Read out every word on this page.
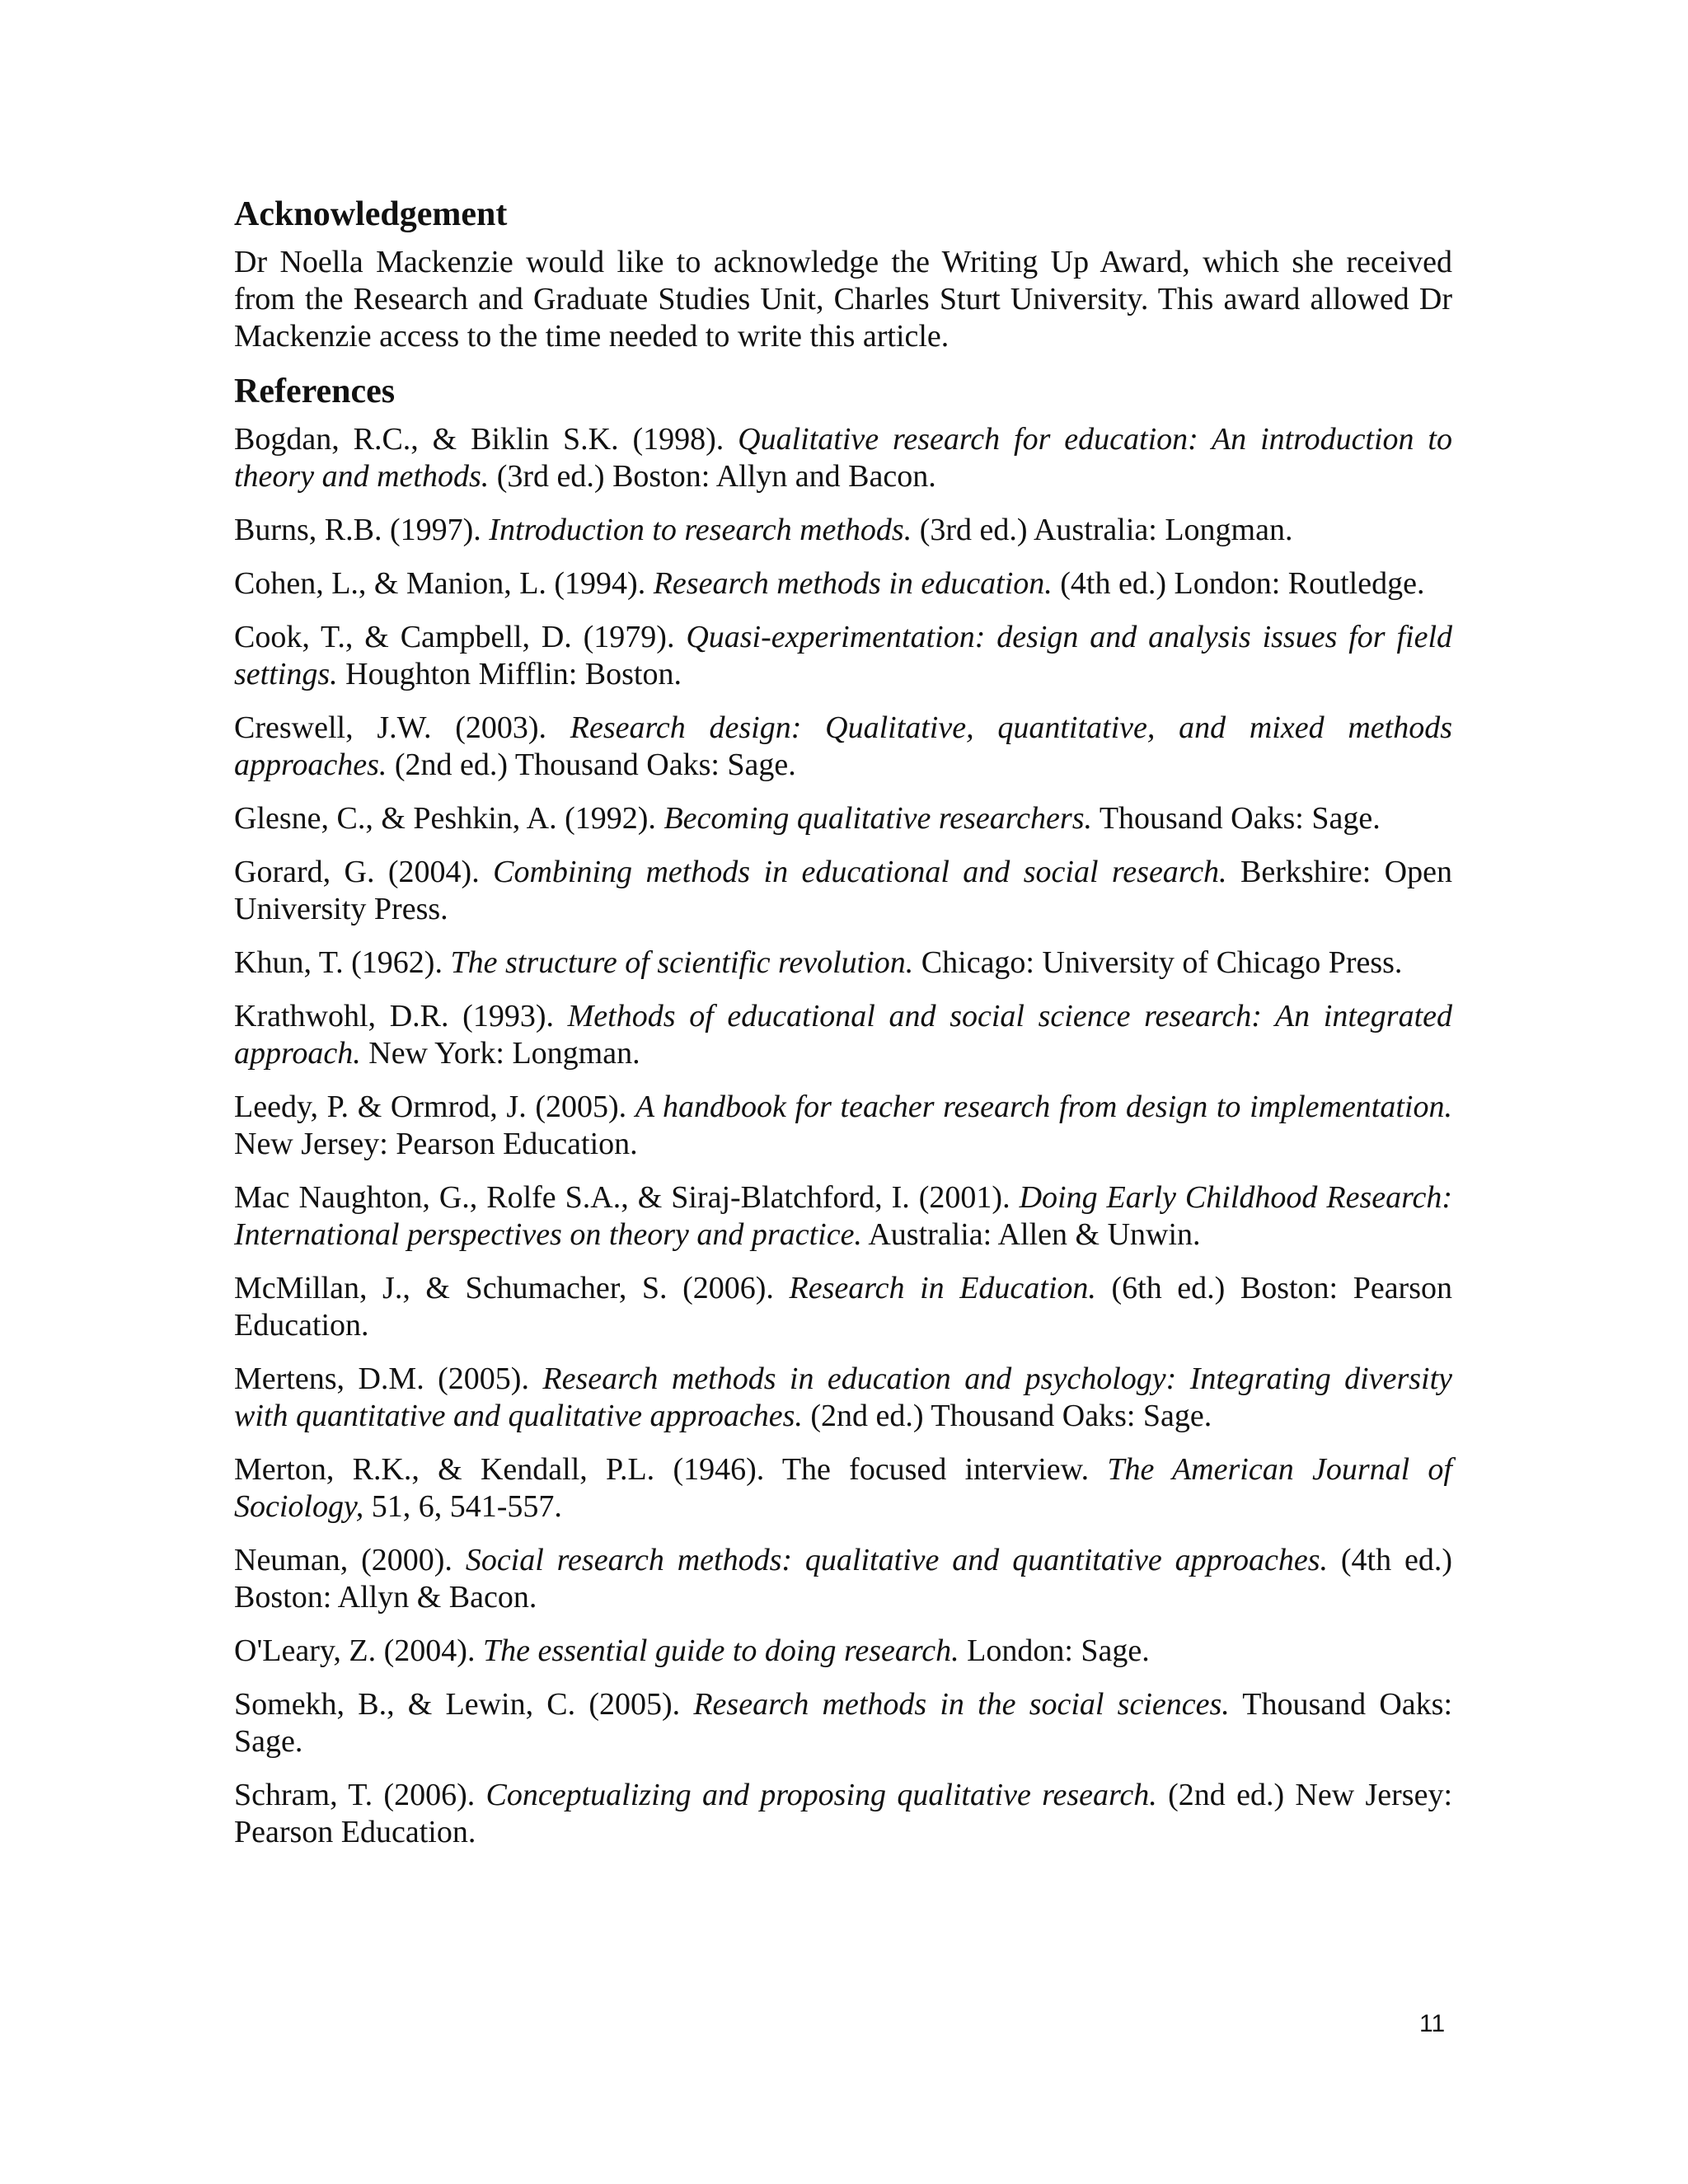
Acknowledgement

Dr Noella Mackenzie would like to acknowledge the Writing Up Award, which she received from the Research and Graduate Studies Unit, Charles Sturt University. This award allowed Dr Mackenzie access to the time needed to write this article.

References

Bogdan, R.C., & Biklin S.K. (1998). Qualitative research for education: An introduction to theory and methods. (3rd ed.) Boston: Allyn and Bacon.

Burns, R.B. (1997). Introduction to research methods. (3rd ed.) Australia: Longman.

Cohen, L., & Manion, L. (1994). Research methods in education. (4th ed.) London: Routledge.

Cook, T., & Campbell, D. (1979). Quasi-experimentation: design and analysis issues for field settings. Houghton Mifflin: Boston.

Creswell, J.W. (2003). Research design: Qualitative, quantitative, and mixed methods approaches. (2nd ed.) Thousand Oaks: Sage.

Glesne, C., & Peshkin, A. (1992). Becoming qualitative researchers. Thousand Oaks: Sage.

Gorard, G. (2004). Combining methods in educational and social research. Berkshire: Open University Press.

Khun, T. (1962). The structure of scientific revolution. Chicago: University of Chicago Press.

Krathwohl, D.R. (1993). Methods of educational and social science research: An integrated approach. New York: Longman.

Leedy, P. & Ormrod, J. (2005). A handbook for teacher research from design to implementation. New Jersey: Pearson Education.

Mac Naughton, G., Rolfe S.A., & Siraj-Blatchford, I. (2001). Doing Early Childhood Research: International perspectives on theory and practice. Australia: Allen & Unwin.

McMillan, J., & Schumacher, S. (2006). Research in Education. (6th ed.) Boston: Pearson Education.

Mertens, D.M. (2005). Research methods in education and psychology: Integrating diversity with quantitative and qualitative approaches. (2nd ed.) Thousand Oaks: Sage.

Merton, R.K., & Kendall, P.L. (1946). The focused interview. The American Journal of Sociology, 51, 6, 541-557.

Neuman, (2000). Social research methods: qualitative and quantitative approaches. (4th ed.) Boston: Allyn & Bacon.

O'Leary, Z. (2004). The essential guide to doing research. London: Sage.

Somekh, B., & Lewin, C. (2005). Research methods in the social sciences. Thousand Oaks: Sage.

Schram, T. (2006). Conceptualizing and proposing qualitative research. (2nd ed.) New Jersey: Pearson Education.

11
